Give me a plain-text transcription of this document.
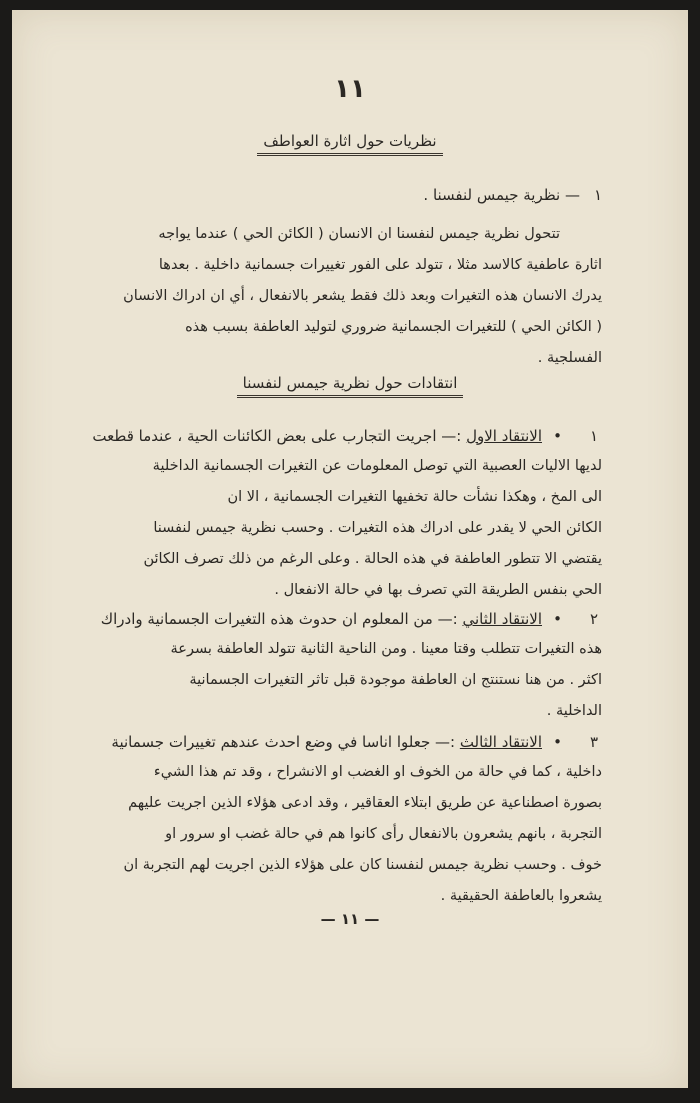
١١
نظريات حول اثارة العواطف
١
— نظرية جيمس لنفسنا .
تتحول نظرية جيمس لنفسنا ان الانسان ( الكائن الحي ) عندما يواجه
اثارة عاطفية كالاسد مثلا ، تتولد على الفور تغييرات جسمانية داخلية . بعدها
يدرك الانسان هذه التغيرات وبعد ذلك فقط يشعر بالانفعال ، أي ان ادراك الانسان
( الكائن الحي ) للتغيرات الجسمانية ضروري لتوليد العاطفة بسبب هذه
الفسلجية .
انتقادات حول نظرية جيمس لنفسنا
١
•
الانتقاد الاول :— اجريت التجارب على بعض الكائنات الحية ، عندما قطعت
لديها الاليات العصبية التي توصل المعلومات عن التغيرات الجسمانية الداخلية
الى المخ ، وهكذا نشأت حالة تخفيها التغيرات الجسمانية ، الا ان
الكائن الحي لا يقدر على ادراك هذه التغيرات . وحسب نظرية جيمس لنفسنا
يقتضي الا تتطور العاطفة في هذه الحالة . وعلى الرغم من ذلك تصرف الكائن
الحي بنفس الطريقة التي تصرف بها في حالة الانفعال .
٢
•
الانتقاد الثاني :— من المعلوم ان حدوث هذه التغيرات الجسمانية وادراك
هذه التغيرات تتطلب وقتا معينا . ومن الناحية الثانية تتولد العاطفة بسرعة
اكثر . من هنا نستنتج ان العاطفة موجودة قبل تاثر التغيرات الجسمانية
الداخلية .
٣
•
الانتقاد الثالث :— جعلوا اناسا في وضع احدث عندهم تغييرات جسمانية
داخلية ، كما في حالة من الخوف او الغضب او الانشراح ، وقد تم هذا الشيء
بصورة اصطناعية عن طريق ابتلاء العقاقير ، وقد ادعى هؤلاء الذين اجريت عليهم
التجربة ، بانهم يشعرون بالانفعال رأى كانوا هم في حالة غضب او سرور او
خوف . وحسب نظرية جيمس لنفسنا كان على هؤلاء الذين اجريت لهم التجربة ان
يشعروا بالعاطفة الحقيقية .
— ١١ —
